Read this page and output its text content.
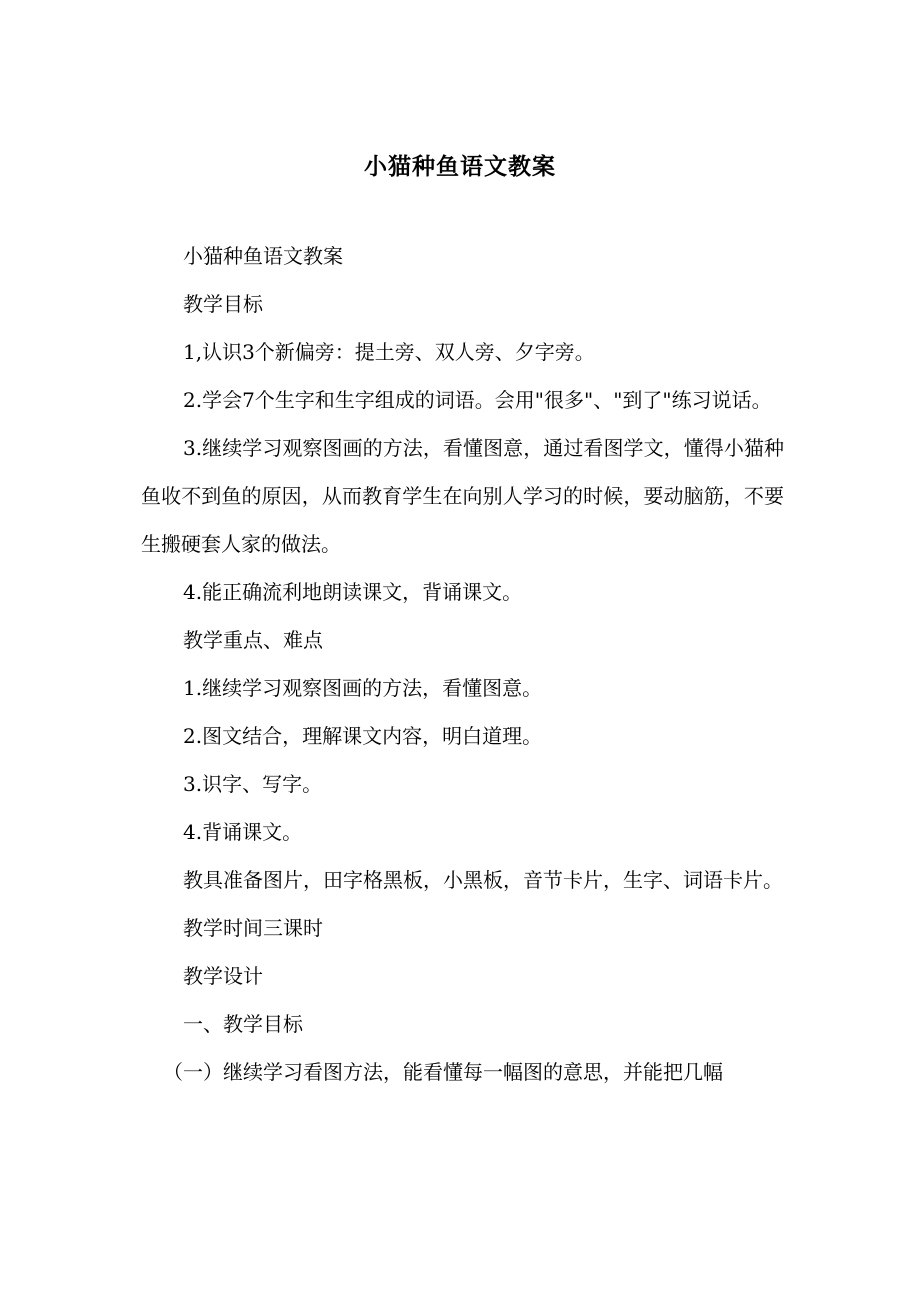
小猫种鱼语文教案

小猫种鱼语文教案

教学目标

1,认识3个新偏旁：提土旁、双人旁、夕字旁。

2.学会7个生字和生字组成的词语。会用"很多"、"到了"练习说话。

3.继续学习观察图画的方法，看懂图意，通过看图学文，懂得小猫种鱼收不到鱼的原因，从而教育学生在向别人学习的时候，要动脑筋，不要生搬硬套人家的做法。

4.能正确流利地朗读课文，背诵课文。

教学重点、难点

1.继续学习观察图画的方法，看懂图意。

2.图文结合，理解课文内容，明白道理。

3.识字、写字。

4.背诵课文。

教具准备图片，田字格黑板，小黑板，音节卡片，生字、词语卡片。

教学时间三课时

教学设计

一、教学目标

（一）继续学习看图方法，能看懂每一幅图的意思，并能把几幅
